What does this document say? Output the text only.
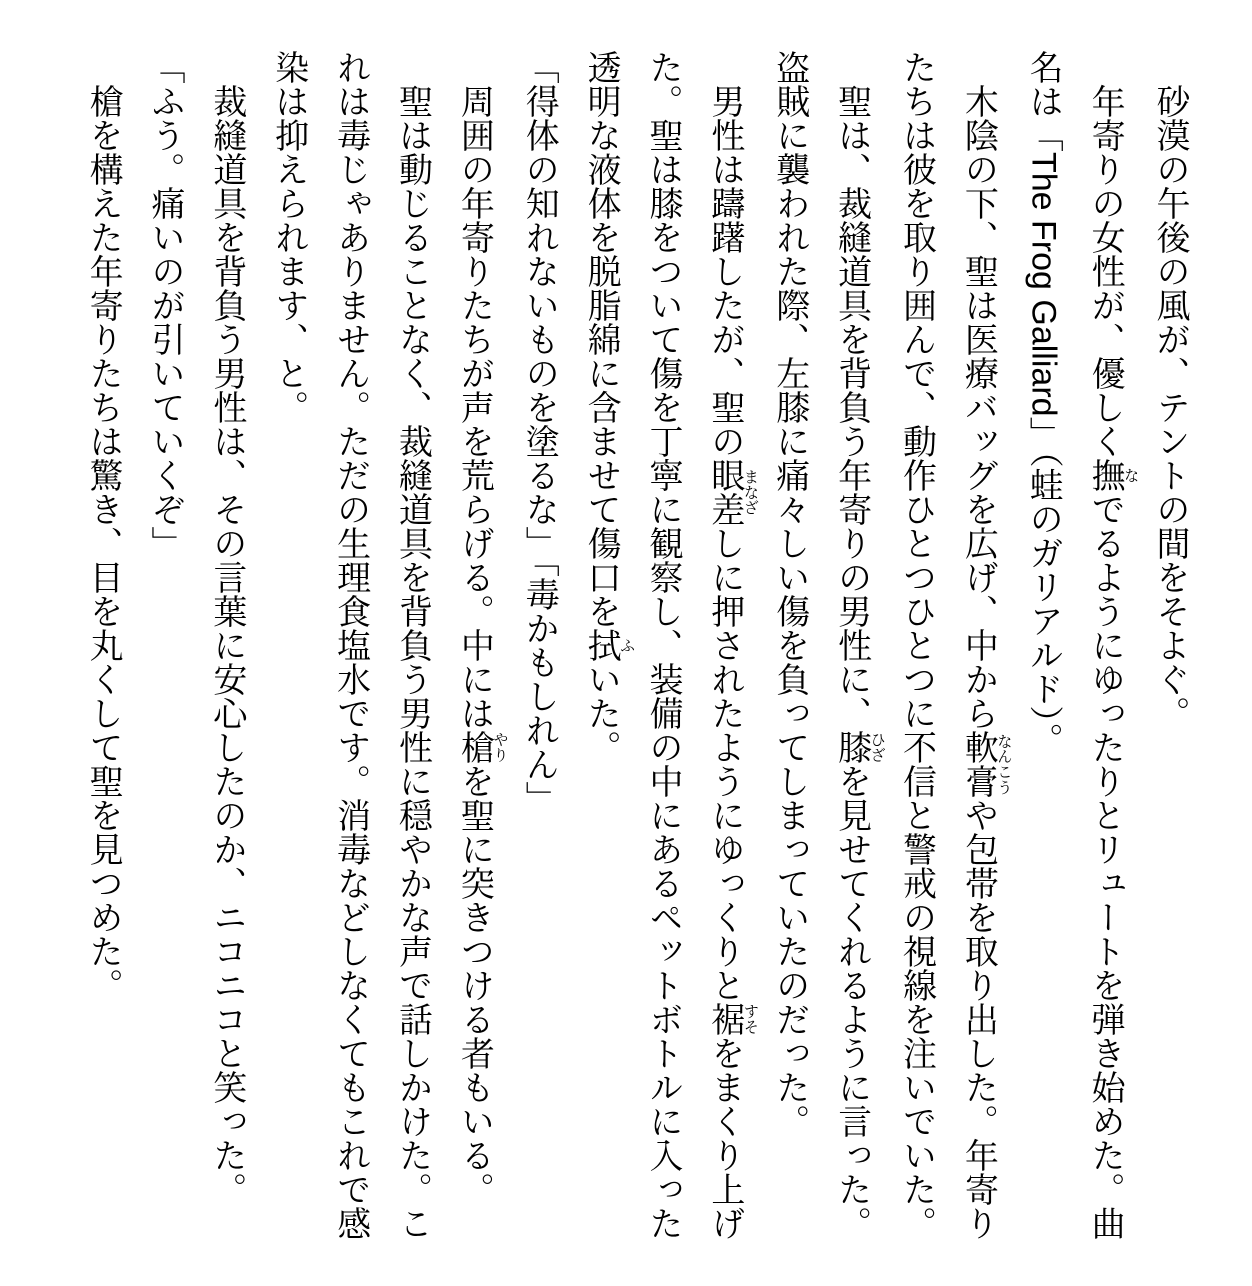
砂漠の午後の風が、テントの間をそよぐ。

年寄りの女性が、優しく撫なでるようにゆったりとリュートを弾き始めた。曲名は「The Frog Galliard」（蛙のガリアルド）。

木陰の下、聖は医療バッグを広げ、中から軟膏なんこうや包帯を取り出した。年寄りたちは彼を取り囲んで、動作ひとつひとつに不信と警戒の視線を注いでいた。

聖は、裁縫道具を背負う年寄りの男性に、膝ひざを見せてくれるように言った。盗賊に襲われた際、左膝に痛々しい傷を負ってしまっていたのだった。

男性は躊躇したが、聖の眼差まなざしに押されたようにゆっくりと裾すそをまくり上げた。聖は膝をついて傷を丁寧に観察し、装備の中にあるペットボトルに入った透明な液体を脱脂綿に含ませて傷口を拭ふいた。

「得体の知れないものを塗るな」「毒かもしれん」

周囲の年寄りたちが声を荒らげる。中には槍やりを聖に突きつける者もいる。

聖は動じることなく、裁縫道具を背負う男性に穏やかな声で話しかけた。これは毒じゃありません。ただの生理食塩水です。消毒などしなくてもこれで感染は抑えられます、と。

裁縫道具を背負う男性は、その言葉に安心したのか、ニコニコと笑った。

「ふう。痛いのが引いていくぞ」

槍を構えた年寄りたちは驚き、目を丸くして聖を見つめた。
